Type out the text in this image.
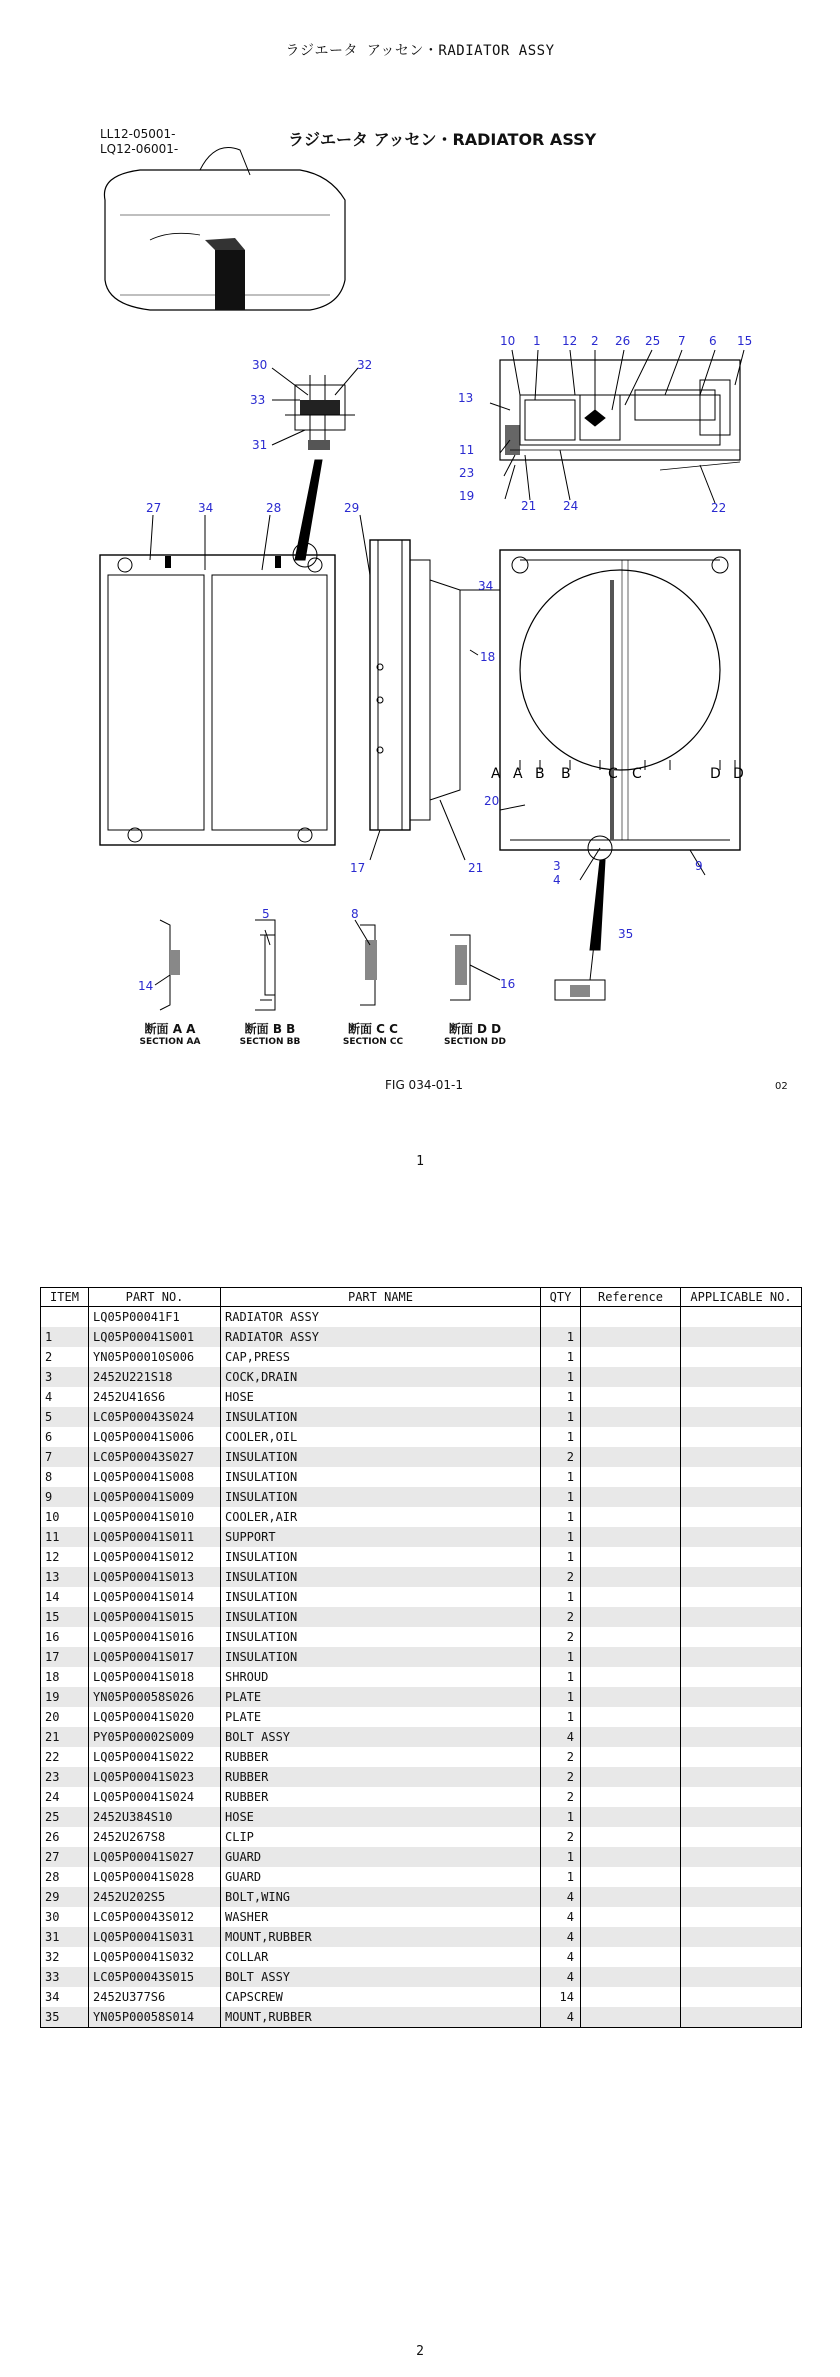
ラジエータ アッセン・RADIATOR ASSY
LL12-05001-
LQ12-06001-	ラジエータ アッセン・RADIATOR ASSY
10 1 12 2 26 25 7 6 15
13
11
23
19
21 24	22
30	32
33
31
27	34	28	29
34
18
20
17	21	3
4
9
5	8
35
14	16
A A B B	C C	D D
断面 A A
SECTION AA
断面 B B
SECTION BB
断面 C C
SECTION CC
断面 D D
SECTION DD
FIG 034-01-1	02
1
ITEM	PART NO.	PART NAME	QTY	Reference	APPLICABLE NO.
	LQ05P00041F1	RADIATOR ASSY			
1	LQ05P00041S001	RADIATOR ASSY	1		
2	YN05P00010S006	CAP,PRESS	1		
3	2452U221S18	COCK,DRAIN	1		
4	2452U416S6	HOSE	1		
5	LC05P00043S024	INSULATION	1		
6	LQ05P00041S006	COOLER,OIL	1		
7	LC05P00043S027	INSULATION	2		
8	LQ05P00041S008	INSULATION	1		
9	LQ05P00041S009	INSULATION	1		
10	LQ05P00041S010	COOLER,AIR	1		
11	LQ05P00041S011	SUPPORT	1		
12	LQ05P00041S012	INSULATION	1		
13	LQ05P00041S013	INSULATION	2		
14	LQ05P00041S014	INSULATION	1		
15	LQ05P00041S015	INSULATION	2		
16	LQ05P00041S016	INSULATION	2		
17	LQ05P00041S017	INSULATION	1		
18	LQ05P00041S018	SHROUD	1		
19	YN05P00058S026	PLATE	1		
20	LQ05P00041S020	PLATE	1		
21	PY05P00002S009	BOLT ASSY	4		
22	LQ05P00041S022	RUBBER	2		
23	LQ05P00041S023	RUBBER	2		
24	LQ05P00041S024	RUBBER	2		
25	2452U384S10	HOSE	1		
26	2452U267S8	CLIP	2		
27	LQ05P00041S027	GUARD	1		
28	LQ05P00041S028	GUARD	1		
29	2452U202S5	BOLT,WING	4		
30	LC05P00043S012	WASHER	4		
31	LQ05P00041S031	MOUNT,RUBBER	4		
32	LQ05P00041S032	COLLAR	4		
33	LC05P00043S015	BOLT ASSY	4		
34	2452U377S6	CAPSCREW	14		
35	YN05P00058S014	MOUNT,RUBBER	4		
2
